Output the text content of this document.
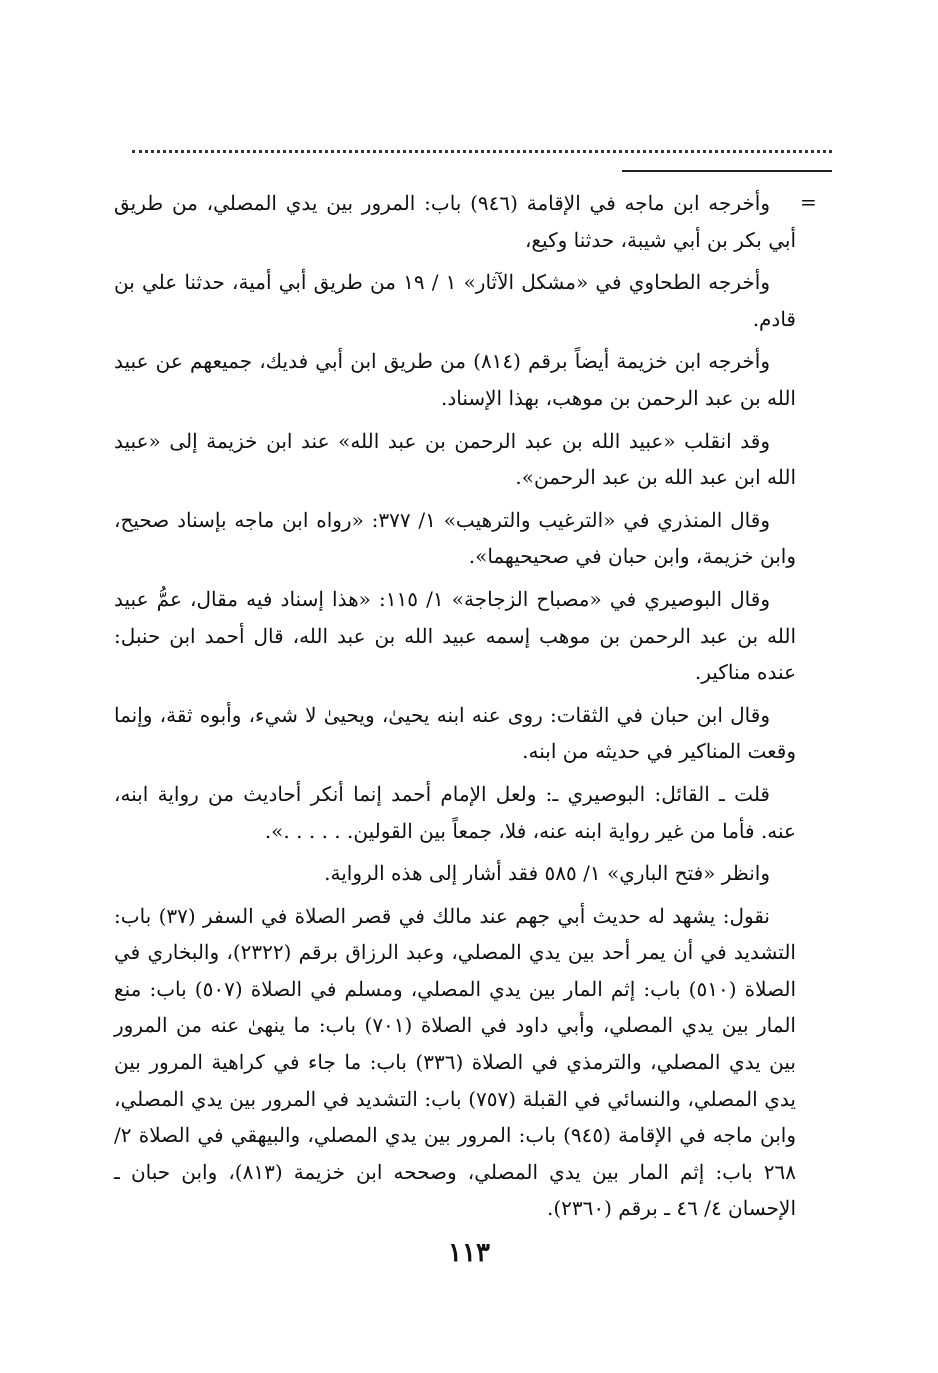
=

وأخرجه ابن ماجه في الإقامة (٩٤٦) باب: المرور بين يدي المصلي، من طريق أبي بكر بن أبي شيبة، حدثنا وكيع،

وأخرجه الطحاوي في «مشكل الآثار» ١ / ١٩ من طريق أبي أمية، حدثنا علي بن قادم.

وأخرجه ابن خزيمة أيضاً برقم (٨١٤) من طريق ابن أبي فديك، جميعهم عن عبيد الله بن عبد الرحمن بن موهب، بهذا الإسناد.

وقد انقلب «عبيد الله بن عبد الرحمن بن عبد الله» عند ابن خزيمة إلى «عبيد الله ابن عبد الله بن عبد الرحمن».

وقال المنذري في «الترغيب والترهيب» ١/ ٣٧٧: «رواه ابن ماجه بإسناد صحيح، وابن خزيمة، وابن حبان في صحيحيهما».

وقال البوصيري في «مصباح الزجاجة» ١/ ١١٥: «هذا إسناد فيه مقال، عمُّ عبيد الله بن عبد الرحمن بن موهب إسمه عبيد الله بن عبد الله، قال أحمد ابن حنبل: عنده مناكير.

وقال ابن حبان في الثقات: روى عنه ابنه يحيىٰ، ويحيىٰ لا شيء، وأبوه ثقة، وإنما وقعت المناكير في حديثه من ابنه.

قلت ـ القائل: البوصيري ـ: ولعل الإمام أحمد إنما أنكر أحاديث من رواية ابنه، عنه. فأما من غير رواية ابنه عنه، فلا، جمعاً بين القولين. . . . . .».

وانظر «فتح الباري» ١/ ٥٨٥ فقد أشار إلى هذه الرواية.

نقول: يشهد له حديث أبي جهم عند مالك في قصر الصلاة في السفر (٣٧) باب: التشديد في أن يمر أحد بين يدي المصلي، وعبد الرزاق برقم (٢٣٢٢)، والبخاري في الصلاة (٥١٠) باب: إثم المار بين يدي المصلي، ومسلم في الصلاة (٥٠٧) باب: منع المار بين يدي المصلي، وأبي داود في الصلاة (٧٠١) باب: ما ينهىٰ عنه من المرور بين يدي المصلي، والترمذي في الصلاة (٣٣٦) باب: ما جاء في كراهية المرور بين يدي المصلي، والنسائي في القبلة (٧٥٧) باب: التشديد في المرور بين يدي المصلي، وابن ماجه في الإقامة (٩٤٥) باب: المرور بين يدي المصلي، والبيهقي في الصلاة ٢/ ٢٦٨ باب: إثم المار بين يدي المصلي، وصححه ابن خزيمة (٨١٣)، وابن حبان ـ الإحسان ٤/ ٤٦ ـ برقم (٢٣٦٠).

١١٣
